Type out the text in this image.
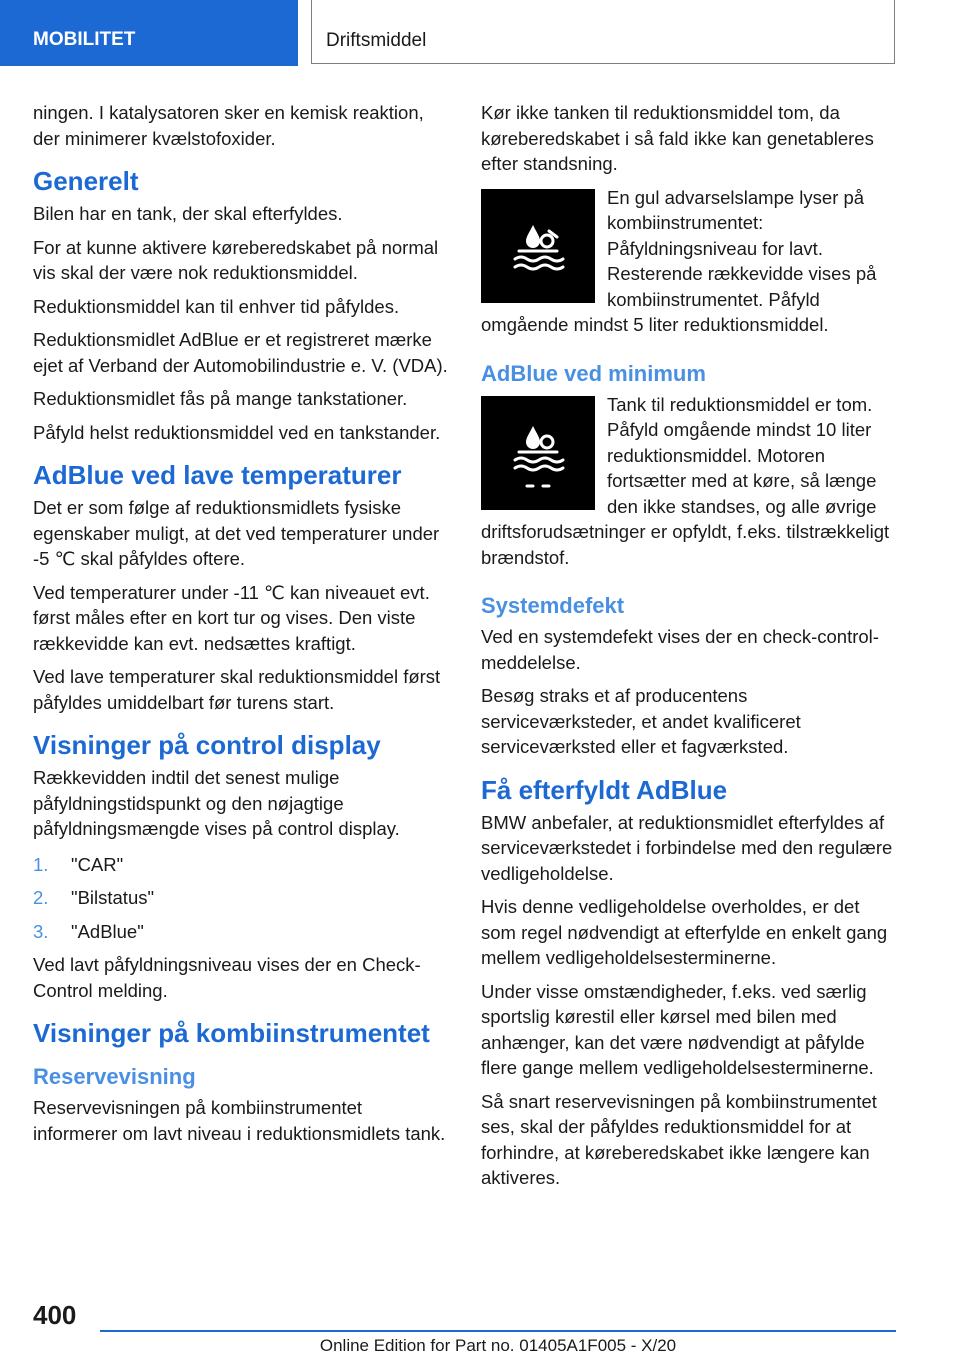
MOBILITET	Driftsmiddel

ningen. I katalysatoren sker en kemisk reaktion, der minimerer kvælstofoxider.

Generelt

Bilen har en tank, der skal efterfyldes.

For at kunne aktivere køreberedskabet på normal vis skal der være nok reduktionsmiddel.

Reduktionsmiddel kan til enhver tid påfyldes.

Reduktionsmidlet AdBlue er et registreret mærke ejet af Verband der Automobilindustrie e. V. (VDA).

Reduktionsmidlet fås på mange tankstationer.

Påfyld helst reduktionsmiddel ved en tankstander.

AdBlue ved lave temperaturer

Det er som følge af reduktionsmidlets fysiske egenskaber muligt, at det ved temperaturer under -5 ℃ skal påfyldes oftere.

Ved temperaturer under -11 ℃ kan niveauet evt. først måles efter en kort tur og vises. Den viste rækkevidde kan evt. nedsættes kraftigt.

Ved lave temperaturer skal reduktionsmiddel først påfyldes umiddelbart før turens start.

Visninger på control display

Rækkevidden indtil det senest mulige påfyldningstidspunkt og den nøjagtige påfyldningsmængde vises på control display.

1.	"CAR"
2.	"Bilstatus"
3.	"AdBlue"

Ved lavt påfyldningsniveau vises der en Check-Control melding.

Visninger på kombiinstrumentet
Reservevisning

Reservevisningen på kombiinstrumentet informerer om lavt niveau i reduktionsmidlets tank.

Kør ikke tanken til reduktionsmiddel tom, da køreberedskabet i så fald ikke kan genetableres efter standsning.

En gul advarselslampe lyser på kombiinstrumentet: Påfyldningsniveau for lavt. Resterende rækkevidde vises på kombiinstrumentet. Påfyld omgående mindst 5 liter reduktionsmiddel.

AdBlue ved minimum

Tank til reduktionsmiddel er tom. Påfyld omgående mindst 10 liter reduktionsmiddel. Motoren fortsætter med at køre, så længe den ikke standses, og alle øvrige driftsforudsætninger er opfyldt, f.eks. tilstrækkeligt brændstof.

Systemdefekt

Ved en systemdefekt vises der en check-control-meddelelse.

Besøg straks et af producentens serviceværksteder, et andet kvalificeret serviceværksted eller et fagværksted.

Få efterfyldt AdBlue

BMW anbefaler, at reduktionsmidlet efterfyldes af serviceværkstedet i forbindelse med den regulære vedligeholdelse.

Hvis denne vedligeholdelse overholdes, er det som regel nødvendigt at efterfylde en enkelt gang mellem vedligeholdelsesterminerne.

Under visse omstændigheder, f.eks. ved særlig sportslig kørestil eller kørsel med bilen med anhænger, kan det være nødvendigt at påfylde flere gange mellem vedligeholdelsesterminerne.

Så snart reservevisningen på kombiinstrumentet ses, skal der påfyldes reduktionsmiddel for at forhindre, at køreberedskabet ikke længere kan aktiveres.

400
Online Edition for Part no. 01405A1F005 - X/20
